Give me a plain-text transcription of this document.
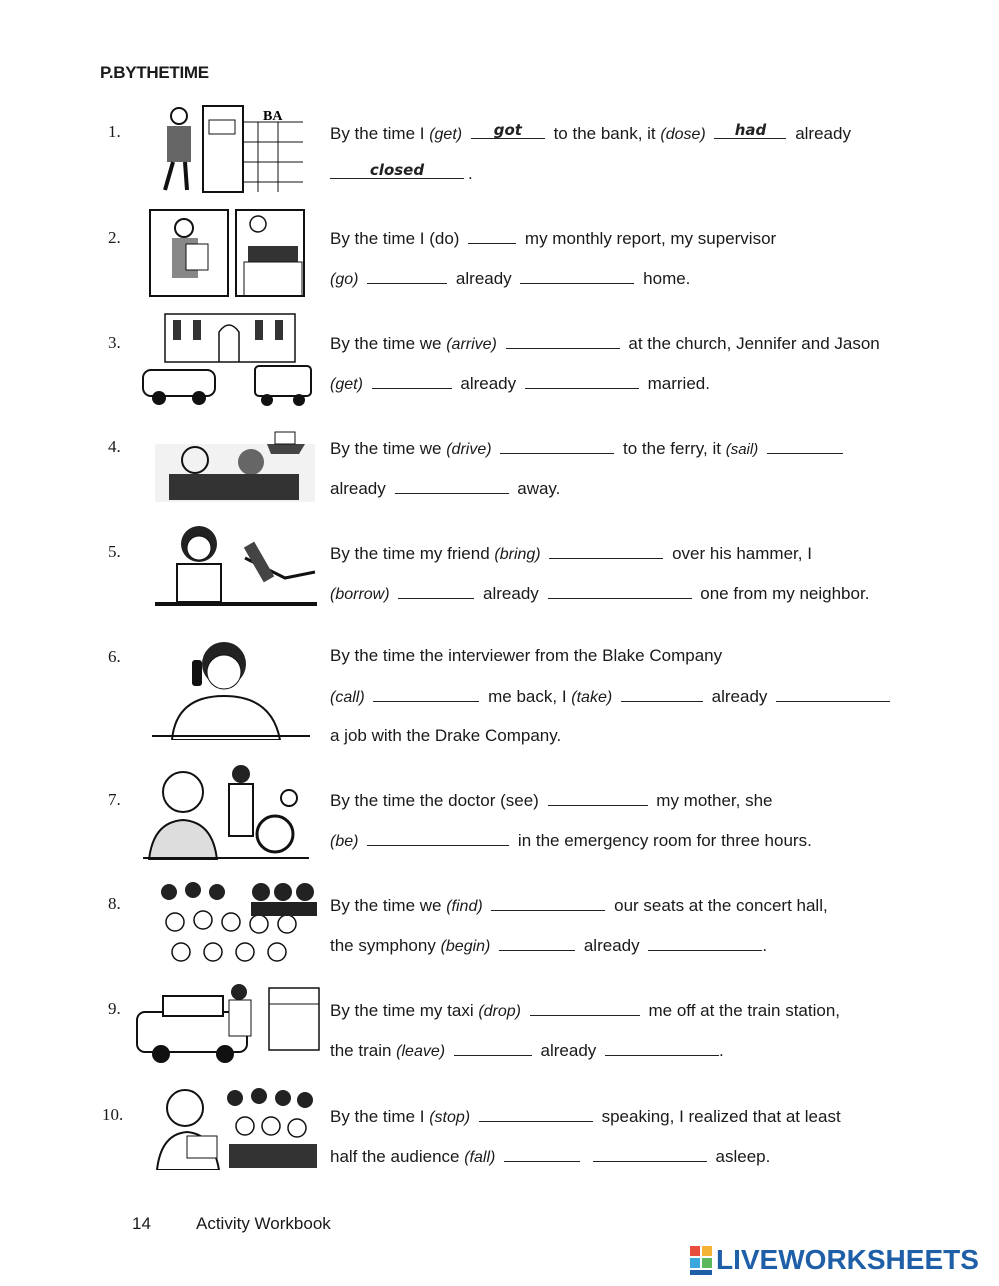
P.BYTHETIME
1.
BA
By the time I (get)	got	to the bank, it (dose)	had	already
closed	.
2.	By the time I (do)	my monthly report, my supervisor
(go)	already	home.
3.	By the time we (arrive)	at the church, Jennifer and Jason
(get)	already	married.
4.	By the time we (drive)	to the ferry, it (sail)
already	away.
5.	By the time my friend (bring)	over his hammer, I
(borrow)	already	one from my neighbor.
6.	By the time the interviewer from the Blake Company
(call)	me back, I (take)	already
a job with the Drake Company.
7.	By the time the doctor (see)	my mother, she
(be)	in the emergency room for three hours.
8.	By the time we (find)	our seats at the concert hall,
the symphony (begin)	already	.
9.	By the time my taxi (drop)	me off at the train station,
the train (leave)	already	.
10.	By the time I (stop)	speaking, I realized that at least
half the audience (fall)	asleep.
14	Activity Workbook
LIVEWORKSHEETS
